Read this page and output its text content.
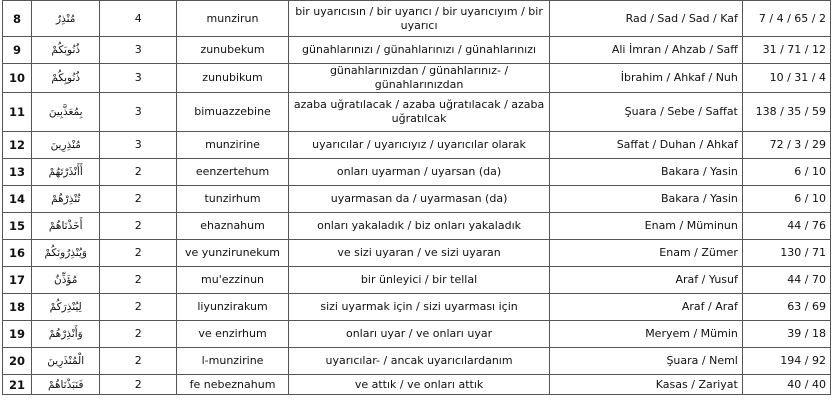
8	مُنْذِرٌ	4	munzirun	bir uyarıcısın / bir uyarıcı / bir uyarıcıyım / bir uyarıcı	Rad / Sad / Sad / Kaf	7 / 4 / 65 / 2
9	ذُنُوبَكُمْ	3	zunubekum	günahlarınızı / günahlarınızı / günahlarınızı	Ali İmran / Ahzab / Saff	31 / 71 / 12
10	ذُنُوبِكُمْ	3	zunubikum	günahlarınızdan / günahlarınız- / günahlarınızdan	İbrahim / Ahkaf / Nuh	10 / 31 / 4
11	بِمُعَذَّبِينَ	3	bimuazzebine	azaba uğratılacak / azaba uğratılacak / azaba uğratılcak	Şuara / Sebe / Saffat	138 / 35 / 59
12	مُنْذِرِينَ	3	munzirine	uyarıcılar / uyarıcıyız / uyarıcılar olarak	Saffat / Duhan / Ahkaf	72 / 3 / 29
13	أَأَنْذَرْتَهُمْ	2	eenzertehum	onları uyarman / uyarsan (da)	Bakara / Yasin	6 / 10
14	تُنْذِرْهُمْ	2	tunzirhum	uyarmasan da / uyarmasan (da)	Bakara / Yasin	6 / 10
15	أَخَذْنَاهُمْ	2	ehaznahum	onları yakaladık / biz onları yakaladık	Enam / Müminun	44 / 76
16	وَيُنْذِرُونَكُمْ	2	ve yunzirunekum	ve sizi uyaran / ve sizi uyaran	Enam / Zümer	130 / 71
17	مُؤَذِّنٌ	2	mu'ezzinun	bir ünleyici / bir tellal	Araf / Yusuf	44 / 70
18	لِيُنْذِرَكُمْ	2	liyunzirakum	sizi uyarmak için / sizi uyarması için	Araf / Araf	63 / 69
19	وَأَنْذِرْهُمْ	2	ve enzirhum	onları uyar / ve onları uyar	Meryem / Mümin	39 / 18
20	الْمُنْذَرِينَ	2	l-munzirine	uyarıcılar- / ancak uyarıcılardanım	Şuara / Neml	194 / 92
21	فَنَبَذْنَاهُمْ	2	fe nebeznahum	ve attık / ve onları attık	Kasas / Zariyat	40 / 40
